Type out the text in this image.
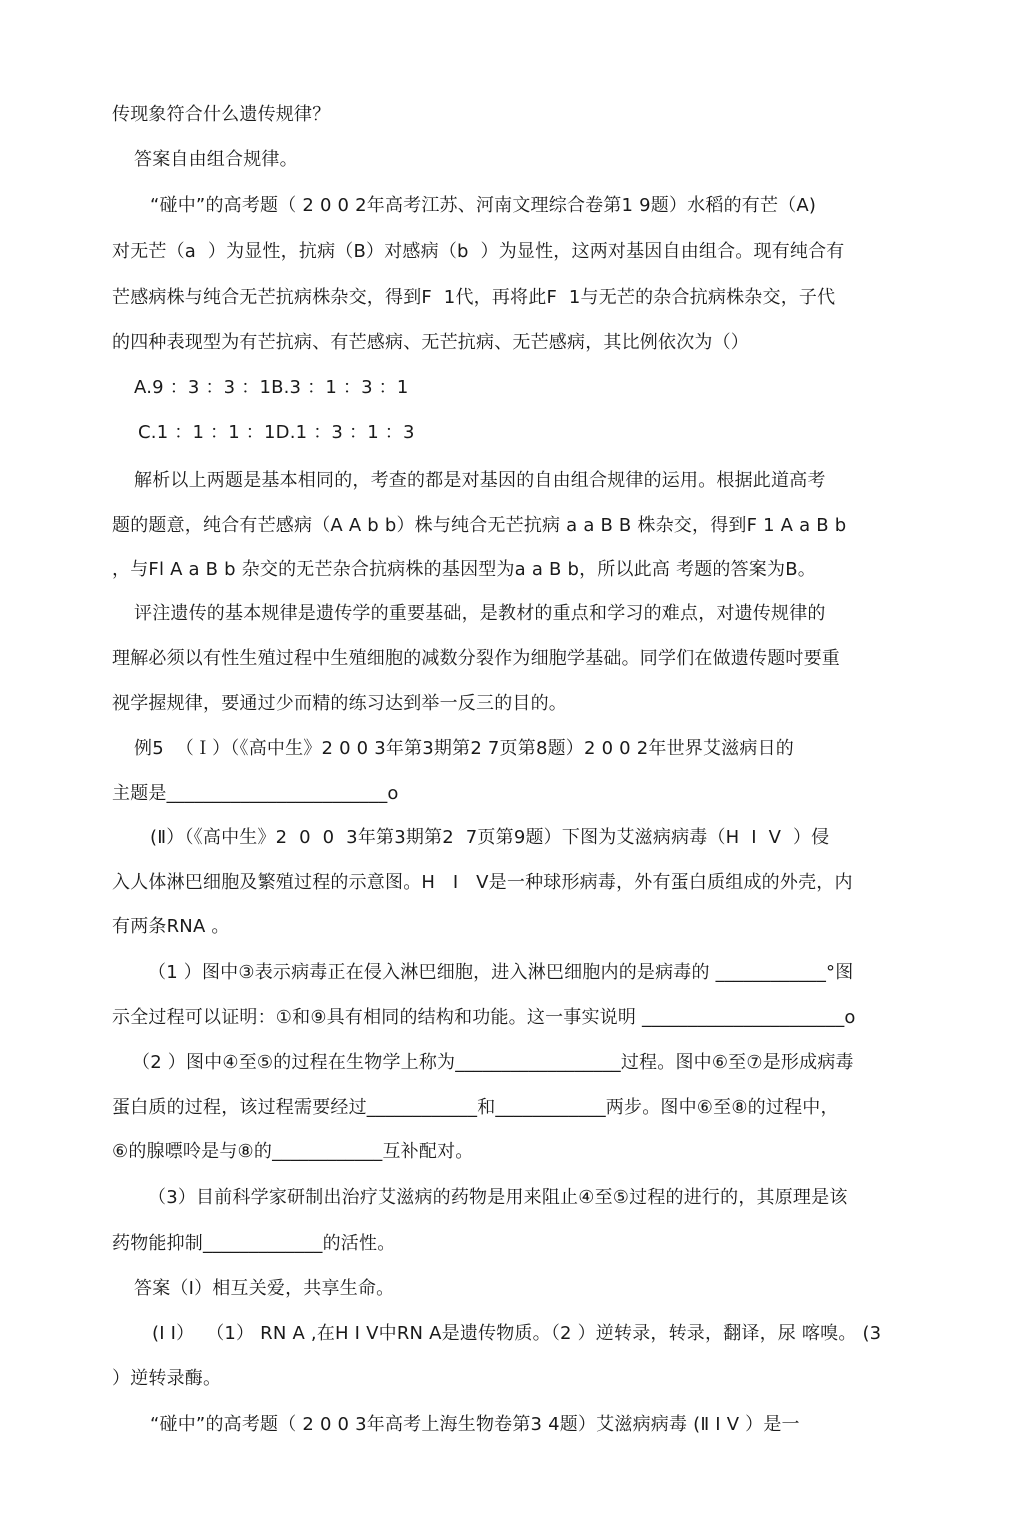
传现象符合什么遗传规律？
答案自由组合规律。
“碰中”的高考题（ 2 0 0 2年高考江苏、河南文理综合卷第1 9题）水稻的有芒（A)
对无芒（a  ）为显性，抗病（B）对感病（b  ）为显性，这两对基因自由组合。现有纯合有
芒感病株与纯合无芒抗病株杂交，得到F  1代，再将此F  1与无芒的杂合抗病株杂交，子代
的四种表现型为有芒抗病、有芒感病、无芒抗病、无芒感病，其比例依次为（）
A.9 ：3 ：3 ：1B.3 ：1 ：3 ：1
C.1 ：1 ：1 ：1D.1 ：3 ：1 ：3
解析以上两题是基本相同的，考查的都是对基因的自由组合规律的运用。根据此道高考
题的题意，纯合有芒感病（A A b b）株与纯合无芒抗病 a a B B 株杂交，得到F 1 A a B b
，与Fl A a B b 杂交的无芒杂合抗病株的基因型为a a B b，所以此高 考题的答案为B。
评注遗传的基本规律是遗传学的重要基础，是教材的重点和学习的难点，对遗传规律的
理解必须以有性生殖过程中生殖细胞的减数分裂作为细胞学基础。同学们在做遗传题吋要重
视学握规律，要通过少而精的练习达到举一反三的目的。
例5  （Ｉ）（《高中生》2 0 0 3年第3期第2 7页第8题）2 0 0 2年世界艾滋病日的
主题是________________________o
(Ⅱ）（《高中生》2  0  0  3年第3期第2  7页第9题）下图为艾滋病病毒（H  I  V  ）侵
入人体淋巴细胞及繁殖过程的示意图。H   I   V是一种球形病毒，外有蛋白质组成的外壳，内
有两条RNA 。
（1 ）图中③表示病毒正在侵入淋巴细胞，进入淋巴细胞内的是病毒的 ____________°图
示全过程可以证明：①和⑨具有相同的结构和功能。这一事实说明 ______________________o
（2 ）图中④至⑤的过程在生物学上称为__________________过程。图中⑥至⑦是形成病毒
蛋白质的过程，该过程需要经过____________和____________两步。图中⑥至⑧的过程中，
⑥的腺嘌呤是与⑧的____________互补配对。
（3）目前科学家研制出治疗艾滋病的药物是用来阻止④至⑤过程的进行的，其原理是该
药物能抑制_____________的活性。
答案（I）相互关爱，共享生命。
(I I）  （1） RN A ,在H I V中RN A是遗传物质。（2 ）逆转录，转录，翻译，尿 喀嗅。 (3
）逆转录酶。
“碰中”的高考题（ 2 0 0 3年高考上海生物卷第3 4题）艾滋病病毒 (Ⅱ I V ）是一
